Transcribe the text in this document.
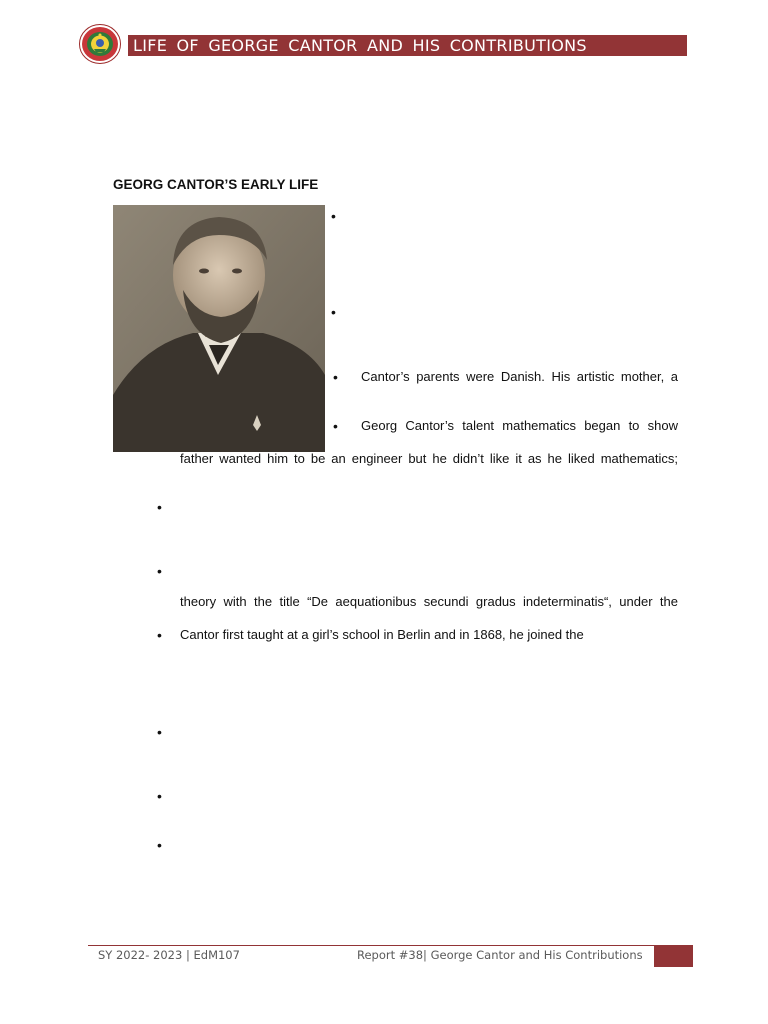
LIFE OF GEORGE CANTOR AND HIS CONTRIBUTIONS
GEORG CANTOR’S EARLY LIFE
•
•
• Cantor’s parents were Danish. His artistic mother, a
• Georg Cantor’s talent mathematics began to show
father wanted him to be an engineer but he didn’t like it as he liked mathematics;
•
•
theory with the title “De aequationibus secundi gradus indeterminatis“, under the
• Cantor first taught at a girl’s school in Berlin and in 1868, he joined the
•
•
•
SY 2022- 2023 | EdM107	Report #38| George Cantor and His Contributions
